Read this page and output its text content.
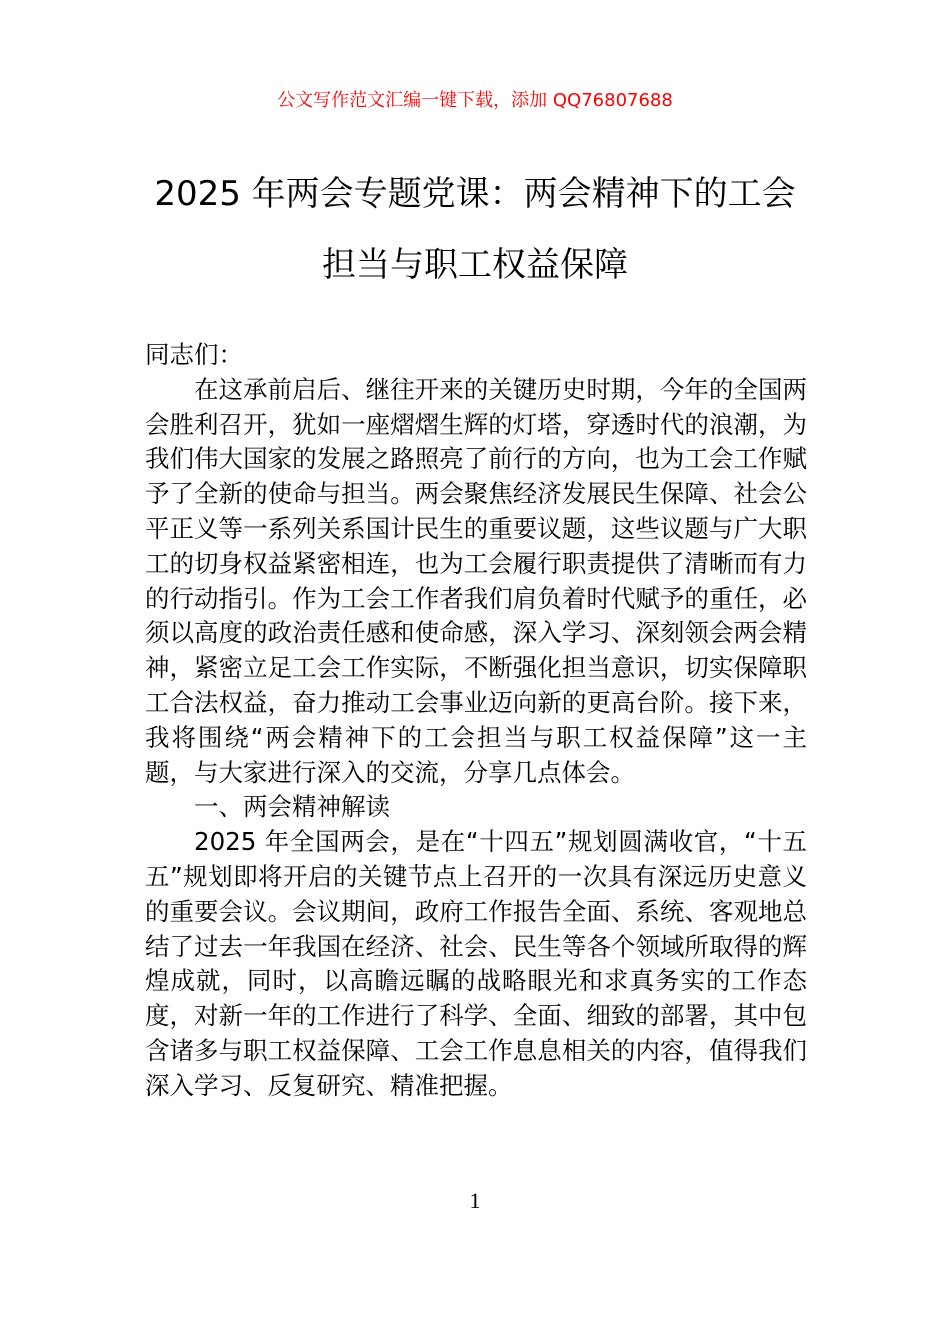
公文写作范文汇编一键下载，添加 QQ76807688
2025 年两会专题党课：两会精神下的工会
担当与职工权益保障

同志们：

在这承前启后、继往开来的关键历史时期，今年的全国两会胜利召开，犹如一座熠熠生辉的灯塔，穿透时代的浪潮，为我们伟大国家的发展之路照亮了前行的方向，也为工会工作赋予了全新的使命与担当。两会聚焦经济发展民生保障、社会公平正义等一系列关系国计民生的重要议题，这些议题与广大职工的切身权益紧密相连，也为工会履行职责提供了清晰而有力的行动指引。作为工会工作者我们肩负着时代赋予的重任，必须以高度的政治责任感和使命感，深入学习、深刻领会两会精神，紧密立足工会工作实际，不断强化担当意识，切实保障职工合法权益，奋力推动工会事业迈向新的更高台阶。接下来，我将围绕“两会精神下的工会担当与职工权益保障”这一主题，与大家进行深入的交流，分享几点体会。

一、两会精神解读

2025 年全国两会，是在“十四五”规划圆满收官，“十五五”规划即将开启的关键节点上召开的一次具有深远历史意义的重要会议。会议期间，政府工作报告全面、系统、客观地总结了过去一年我国在经济、社会、民生等各个领域所取得的辉煌成就，同时，以高瞻远瞩的战略眼光和求真务实的工作态度，对新一年的工作进行了科学、全面、细致的部署，其中包含诸多与职工权益保障、工会工作息息相关的内容，值得我们深入学习、反复研究、精准把握。

1
